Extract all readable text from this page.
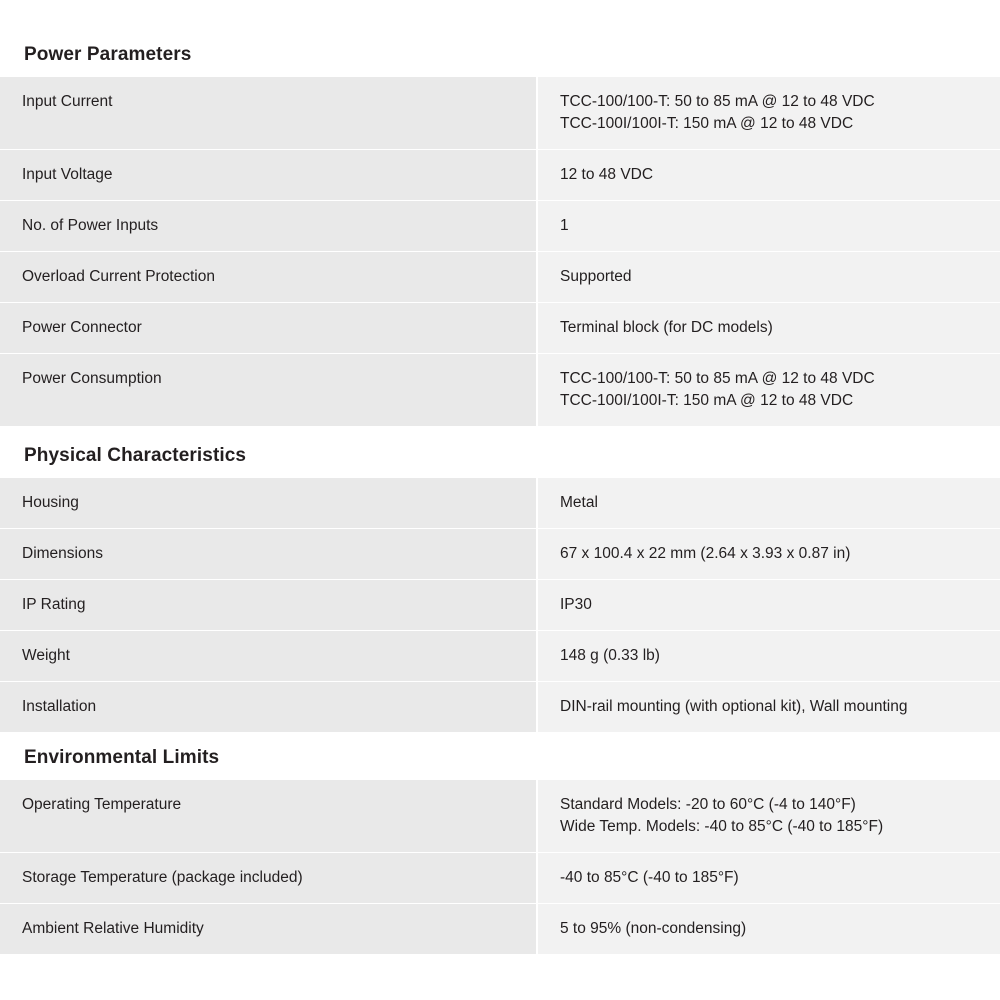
Power Parameters
Input Current	TCC-100/100-T: 50 to 85 mA @ 12 to 48 VDC
TCC-100I/100I-T: 150 mA @ 12 to 48 VDC

Input Voltage	12 to 48 VDC

No. of Power Inputs	1

Overload Current Protection	Supported

Power Connector	Terminal block (for DC models)

Power Consumption	TCC-100/100-T: 50 to 85 mA @ 12 to 48 VDC
TCC-100I/100I-T: 150 mA @ 12 to 48 VDC
Physical Characteristics
Housing	Metal

Dimensions	67 x 100.4 x 22 mm (2.64 x 3.93 x 0.87 in)

IP Rating	IP30

Weight	148 g (0.33 lb)

Installation	DIN-rail mounting (with optional kit), Wall mounting
Environmental Limits
Operating Temperature	Standard Models: -20 to 60°C (-4 to 140°F)
Wide Temp. Models: -40 to 85°C (-40 to 185°F)

Storage Temperature (package included)	-40 to 85°C (-40 to 185°F)

Ambient Relative Humidity	5 to 95% (non-condensing)
